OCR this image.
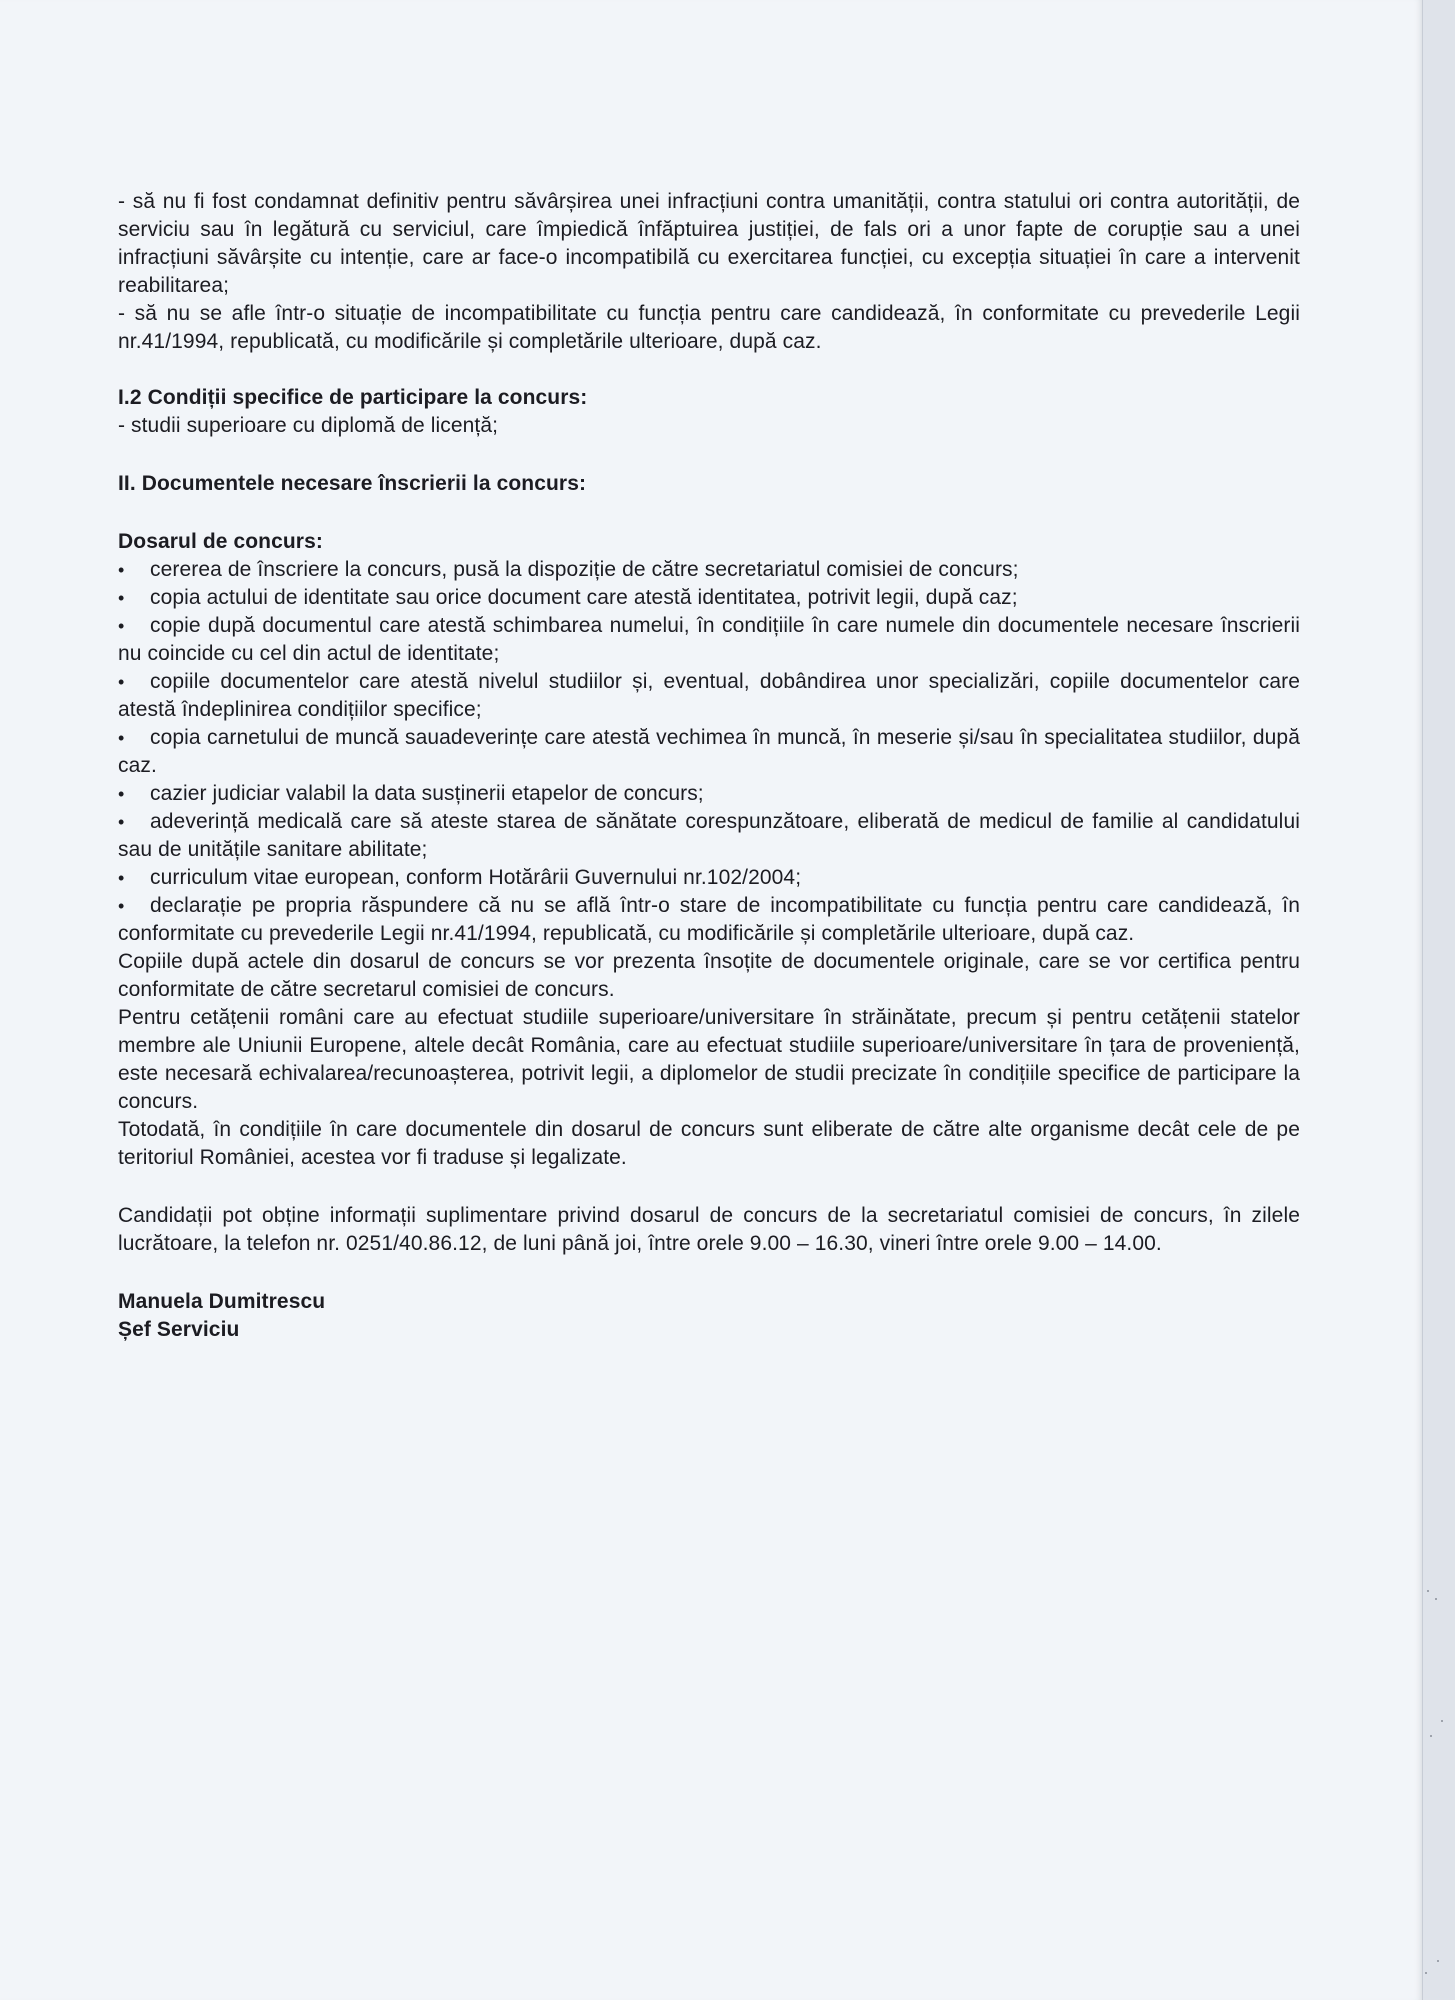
- să nu fi fost condamnat definitiv pentru săvârșirea unei infracțiuni contra umanității, contra statului ori contra autorității, de serviciu sau în legătură cu serviciul, care împiedică înfăptuirea justiției, de fals ori a unor fapte de corupție sau a unei infracțiuni săvârșite cu intenție, care ar face-o incompatibilă cu exercitarea funcției, cu excepția situației în care a intervenit reabilitarea;

- să nu se afle într-o situație de incompatibilitate cu funcția pentru care candidează, în conformitate cu prevederile Legii nr.41/1994, republicată, cu modificările și completările ulterioare, după caz.

I.2 Condiții specifice de participare la concurs:

- studii superioare cu diplomă de licență;

II. Documentele necesare înscrierii la concurs:

Dosarul de concurs:

• cererea de înscriere la concurs, pusă la dispoziție de către secretariatul comisiei de concurs;
• copia actului de identitate sau orice document care atestă identitatea, potrivit legii, după caz;
• copie după documentul care atestă schimbarea numelui, în condițiile în care numele din documentele necesare înscrierii nu coincide cu cel din actul de identitate;
• copiile documentelor care atestă nivelul studiilor și, eventual, dobândirea unor specializări, copiile documentelor care atestă îndeplinirea condițiilor specifice;
• copia carnetului de muncă sauadeverințe care atestă vechimea în muncă, în meserie și/sau în specialitatea studiilor, după caz.
• cazier judiciar valabil la data susținerii etapelor de concurs;
• adeverință medicală care să ateste starea de sănătate corespunzătoare, eliberată de medicul de familie al candidatului sau de unitățile sanitare abilitate;
• curriculum vitae european, conform Hotărârii Guvernului nr.102/2004;
• declarație pe propria răspundere că nu se află într-o stare de incompatibilitate cu funcția pentru care candidează, în conformitate cu prevederile Legii nr.41/1994, republicată, cu modificările și completările ulterioare, după caz.

Copiile după actele din dosarul de concurs se vor prezenta însoțite de documentele originale, care se vor certifica pentru conformitate de către secretarul comisiei de concurs.

Pentru cetățenii români care au efectuat studiile superioare/universitare în străinătate, precum și pentru cetățenii statelor membre ale Uniunii Europene, altele decât România, care au efectuat studiile superioare/universitare în țara de proveniență, este necesară echivalarea/recunoașterea, potrivit legii, a diplomelor de studii precizate în condițiile specifice de participare la concurs.

Totodată, în condițiile în care documentele din dosarul de concurs sunt eliberate de către alte organisme decât cele de pe teritoriul României, acestea vor fi traduse și legalizate.

Candidații pot obține informații suplimentare privind dosarul de concurs de la secretariatul comisiei de concurs, în zilele lucrătoare, la telefon nr. 0251/40.86.12, de luni până joi, între orele 9.00 – 16.30, vineri între orele 9.00 – 14.00.

Manuela Dumitrescu
Șef Serviciu
